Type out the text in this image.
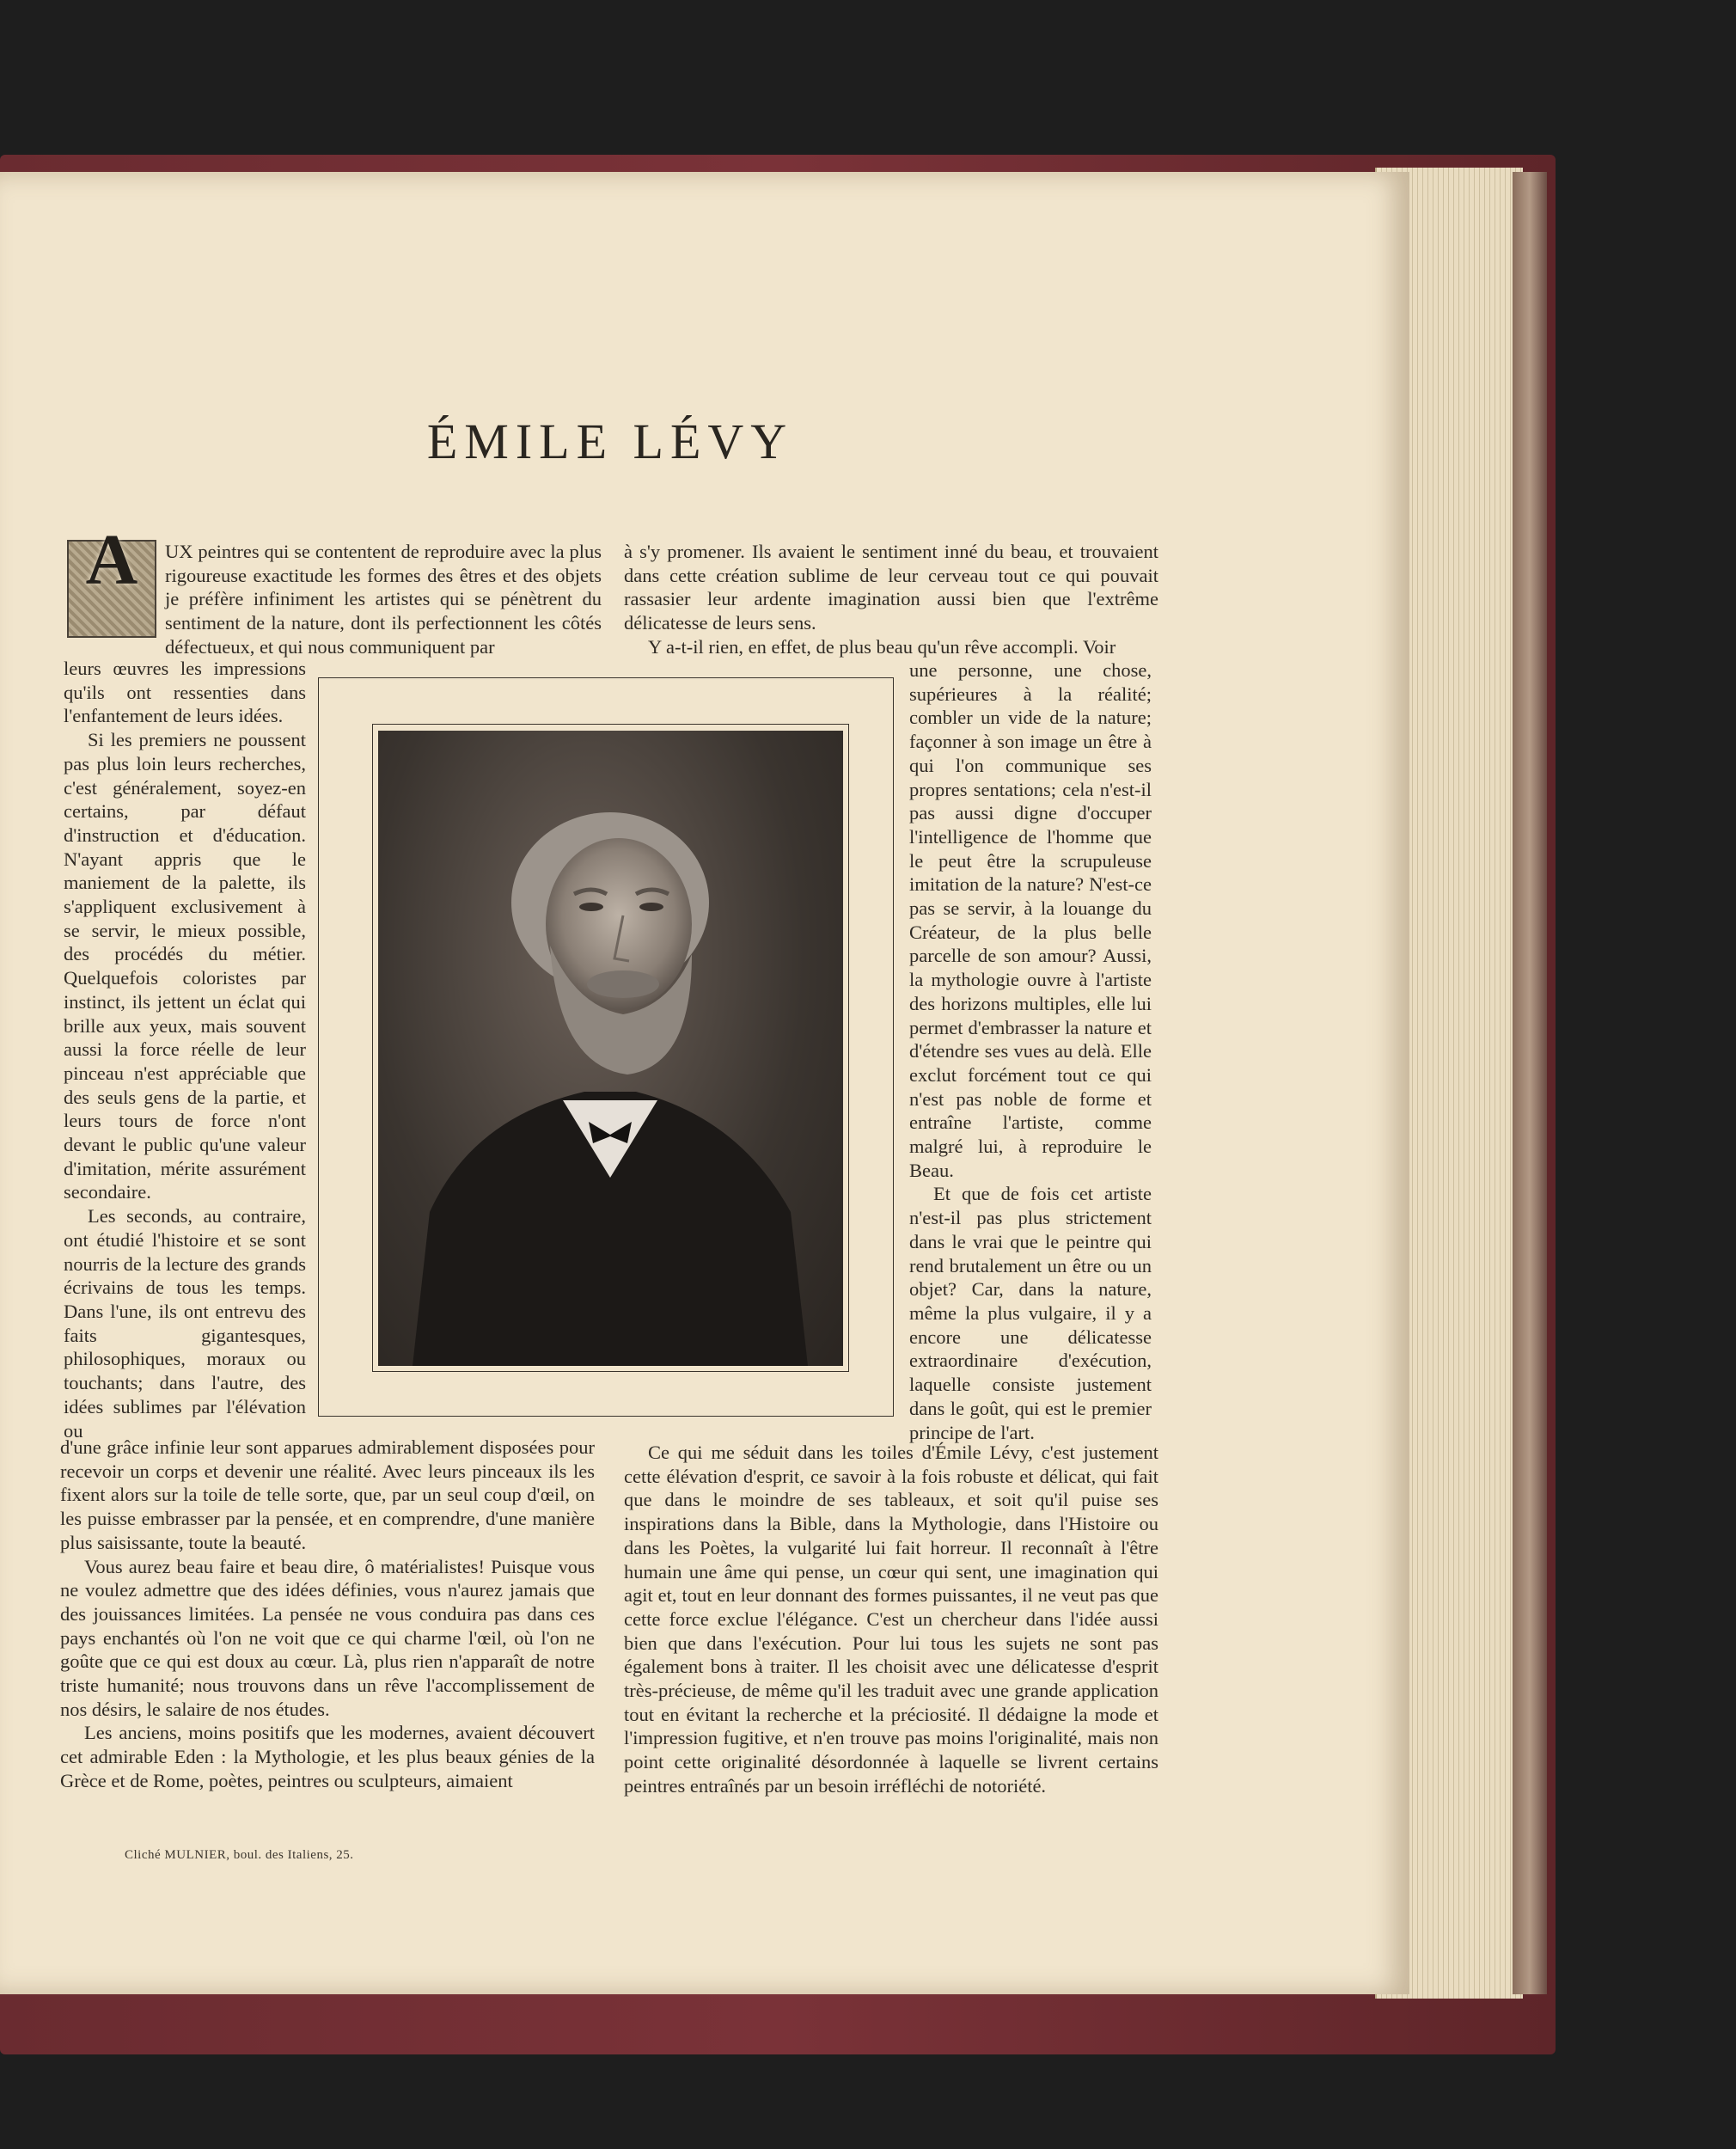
ÉMILE LÉVY
A	UX peintres qui se contentent de reproduire avec la plus rigoureuse exactitude les formes des êtres et des objets je préfère infiniment les artistes qui se pénètrent du sentiment de la nature, dont ils perfectionnent les côtés défectueux, et qui nous communiquent par

leurs œuvres les impressions qu'ils ont ressenties dans l'enfantement de leurs idées.

Si les premiers ne poussent pas plus loin leurs recherches, c'est généralement, soyez-en certains, par défaut d'instruction et d'éducation. N'ayant appris que le maniement de la palette, ils s'appliquent exclusivement à se servir, le mieux possible, des procédés du métier. Quelquefois coloristes par instinct, ils jettent un éclat qui brille aux yeux, mais souvent aussi la force réelle de leur pinceau n'est appréciable que des seuls gens de la partie, et leurs tours de force n'ont devant le public qu'une valeur d'imitation, mérite assurément secondaire.

Les seconds, au contraire, ont étudié l'histoire et se sont nourris de la lecture des grands écrivains de tous les temps. Dans l'une, ils ont entrevu des faits gigantesques, philosophiques, moraux ou touchants; dans l'autre, des idées sublimes par l'élévation ou

d'une grâce infinie leur sont apparues admirablement disposées pour recevoir un corps et devenir une réalité. Avec leurs pinceaux ils les fixent alors sur la toile de telle sorte, que, par un seul coup d'œil, on les puisse embrasser par la pensée, et en comprendre, d'une manière plus saisissante, toute la beauté.

Vous aurez beau faire et beau dire, ô matérialistes! Puisque vous ne voulez admettre que des idées définies, vous n'aurez jamais que des jouissances limitées. La pensée ne vous conduira pas dans ces pays enchantés où l'on ne voit que ce qui charme l'œil, où l'on ne goûte que ce qui est doux au cœur. Là, plus rien n'apparaît de notre triste humanité; nous trouvons dans un rêve l'accomplissement de nos désirs, le salaire de nos études.

Les anciens, moins positifs que les modernes, avaient découvert cet admirable Eden : la Mythologie, et les plus beaux génies de la Grèce et de Rome, poètes, peintres ou sculpteurs, aimaient

à s'y promener. Ils avaient le sentiment inné du beau, et trouvaient dans cette création sublime de leur cerveau tout ce qui pouvait rassasier leur ardente imagination aussi bien que l'extrême délicatesse de leurs sens.

Y a-t-il rien, en effet, de plus beau qu'un rêve accompli. Voir

une personne, une chose, supérieures à la réalité; combler un vide de la nature; façonner à son image un être à qui l'on communique ses propres sentations; cela n'est-il pas aussi digne d'occuper l'intelligence de l'homme que le peut être la scrupuleuse imitation de la nature? N'est-ce pas se servir, à la louange du Créateur, de la plus belle parcelle de son amour? Aussi, la mythologie ouvre à l'artiste des horizons multiples, elle lui permet d'embrasser la nature et d'étendre ses vues au delà. Elle exclut forcément tout ce qui n'est pas noble de forme et entraîne l'artiste, comme malgré lui, à reproduire le Beau.

Et que de fois cet artiste n'est-il pas plus strictement dans le vrai que le peintre qui rend brutalement un être ou un objet? Car, dans la nature, même la plus vulgaire, il y a encore une délicatesse extraordinaire d'exécution, laquelle consiste justement dans le goût, qui est le premier principe de l'art.

Ce qui me séduit dans les toiles d'Émile Lévy, c'est justement cette élévation d'esprit, ce savoir à la fois robuste et délicat, qui fait que dans le moindre de ses tableaux, et soit qu'il puise ses inspirations dans la Bible, dans la Mythologie, dans l'Histoire ou dans les Poètes, la vulgarité lui fait horreur. Il reconnaît à l'être humain une âme qui pense, un cœur qui sent, une imagination qui agit et, tout en leur donnant des formes puissantes, il ne veut pas que cette force exclue l'élégance. C'est un chercheur dans l'idée aussi bien que dans l'exécution. Pour lui tous les sujets ne sont pas également bons à traiter. Il les choisit avec une délicatesse d'esprit très-précieuse, de même qu'il les traduit avec une grande application tout en évitant la recherche et la préciosité. Il dédaigne la mode et l'impression fugitive, et n'en trouve pas moins l'originalité, mais non point cette originalité désordonnée à laquelle se livrent certains peintres entraînés par un besoin irréfléchi de notoriété.

Cliché MULNIER, boul. des Italiens, 25.
